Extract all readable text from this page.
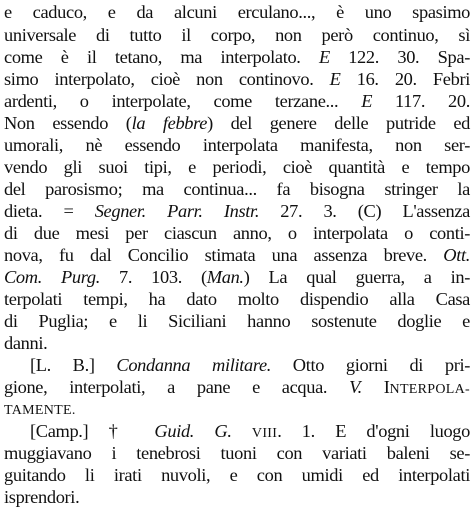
e caduco, e da alcuni erculano..., è uno spasimo
universale di tutto il corpo, non però continuo, sì
come è il tetano, ma interpolato. E 122. 30. Spa-
simo interpolato, cioè non continovo. E 16. 20. Febri
ardenti, o interpolate, come terzane... E 117. 20.
Non essendo (la febbre) del genere delle putride ed
umorali, nè essendo interpolata manifesta, non ser-
vendo gli suoi tipi, e periodi, cioè quantità e tempo
del parosismo; ma continua... fa bisogna stringer la
dieta. = Segner. Parr. Instr. 27. 3. (C) L'assenza
di due mesi per ciascun anno, o interpolata o conti-
nova, fu dal Concilio stimata una assenza breve. Ott.
Com. Purg. 7. 103. (Man.) La qual guerra, a in-
terpolati tempi, ha dato molto dispendio alla Casa
di Puglia; e li Siciliani hanno sostenute doglie e
danni.
[L. B.] Condanna militare. Otto giorni di pri-
gione, interpolati, a pane e acqua. V. INTERPOLA-
TAMENTE.
[Camp.] † Guid. G. VIII. 1. E d'ogni luogo
muggiavano i tenebrosi tuoni con variati baleni se-
guitando li irati nuvoli, e con umidi ed interpolati
isprendori.
